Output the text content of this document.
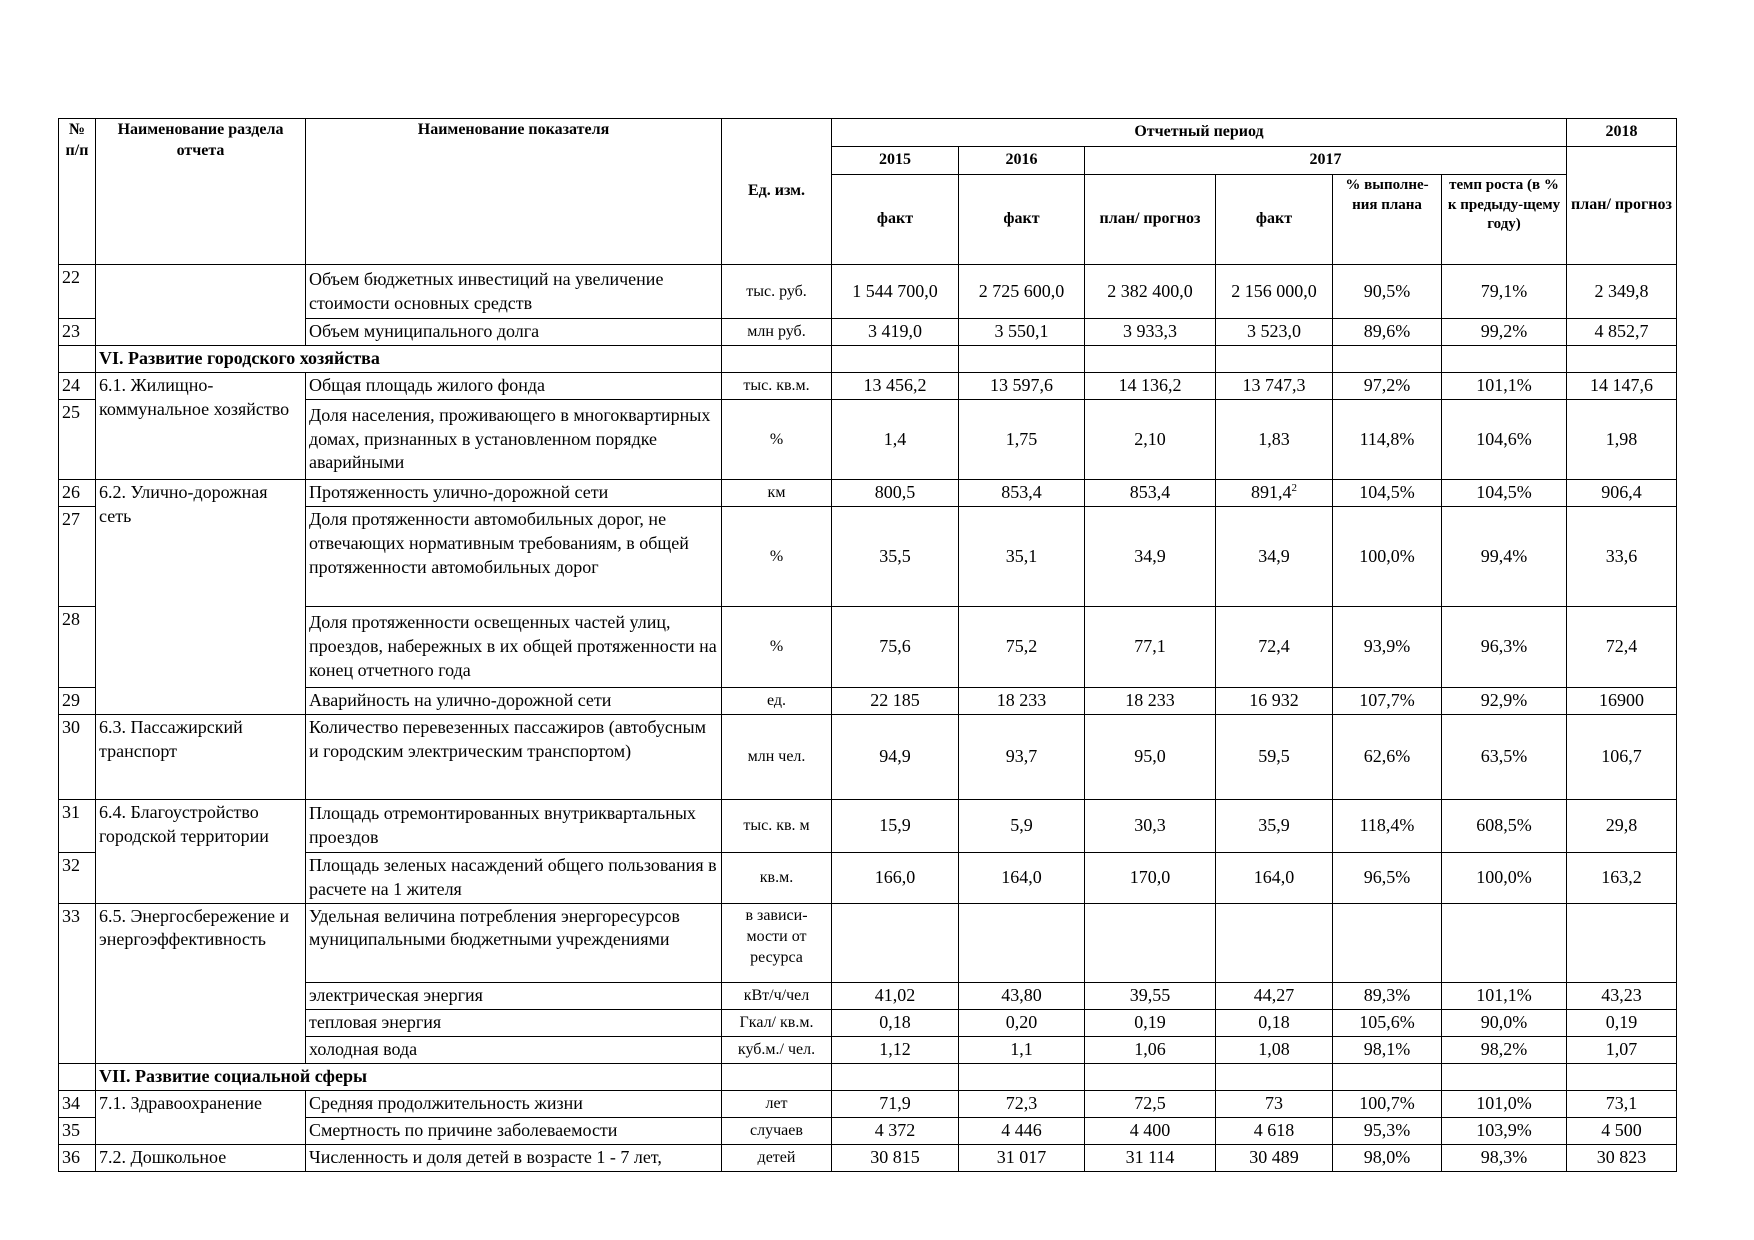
№ п/п	Наименование раздела отчета	Наименование показателя	Ед. изм.	Отчетный период						2018
				2015	2016	2017				план/ прогноз
				факт	факт	план/ прогноз	факт	% выполне-ния плана	темп роста (в % к предыду-щему году)	
22		Объем бюджетных инвестиций на увеличение стоимости основных средств	тыс. руб.	1 544 700,0	2 725 600,0	2 382 400,0	2 156 000,0	90,5%	79,1%	2 349,8
23		Объем муниципального долга	млн руб.	3 419,0	3 550,1	3 933,3	3 523,0	89,6%	99,2%	4 852,7
	VI. Развитие городского хозяйства									
24	6.1. Жилищно-коммунальное хозяйство	Общая площадь жилого фонда	тыс. кв.м.	13 456,2	13 597,6	14 136,2	13 747,3	97,2%	101,1%	14 147,6
25		Доля населения, проживающего в многоквартирных домах, признанных в установленном порядке аварийными	%	1,4	1,75	2,10	1,83	114,8%	104,6%	1,98
26	6.2. Улично-дорожная сеть	Протяженность улично-дорожной сети	км	800,5	853,4	853,4	891,4$^2$	104,5%	104,5%	906,4
27		Доля протяженности автомобильных дорог, не отвечающих нормативным требованиям, в общей протяженности автомобильных дорог	%	35,5	35,1	34,9	34,9	100,0%	99,4%	33,6
28		Доля протяженности освещенных частей улиц, проездов, набережных в их общей протяженности на конец отчетного года	%	75,6	75,2	77,1	72,4	93,9%	96,3%	72,4
29		Аварийность на улично-дорожной сети	ед.	22 185	18 233	18 233	16 932	107,7%	92,9%	16900
30	6.3. Пассажирский транспорт	Количество перевезенных пассажиров (автобусным и городским электрическим транспортом)	млн чел.	94,9	93,7	95,0	59,5	62,6%	63,5%	106,7
31	6.4. Благоустройство городской территории	Площадь отремонтированных внутриквартальных проездов	тыс. кв. м	15,9	5,9	30,3	35,9	118,4%	608,5%	29,8
32		Площадь зеленых насаждений общего пользования в расчете на 1 жителя	кв.м.	166,0	164,0	170,0	164,0	96,5%	100,0%	163,2
33	6.5. Энергосбережение и энергоэффективность	Удельная величина потребления энергоресурсов муниципальными бюджетными учреждениями	в зависи-мости от ресурса							
		электрическая энергия	кВт/ч/чел	41,02	43,80	39,55	44,27	89,3%	101,1%	43,23
		тепловая энергия	Гкал/ кв.м.	0,18	0,20	0,19	0,18	105,6%	90,0%	0,19
		холодная вода	куб.м./ чел.	1,12	1,1	1,06	1,08	98,1%	98,2%	1,07
	VII. Развитие социальной сферы									
34	7.1. Здравоохранение	Средняя продолжительность жизни	лет	71,9	72,3	72,5	73	100,7%	101,0%	73,1
35		Смертность по причине заболеваемости	случаев	4 372	4 446	4 400	4 618	95,3%	103,9%	4 500
36	7.2. Дошкольное	Численность и доля детей в возрасте 1 - 7 лет,	детей	30 815	31 017	31 114	30 489	98,0%	98,3%	30 823
